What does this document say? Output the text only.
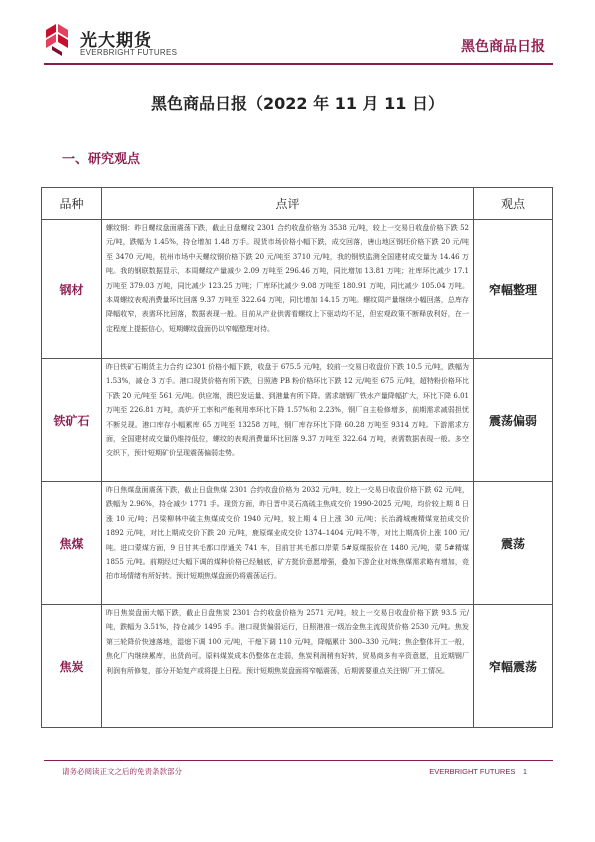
光大期货
EVERBRIGHT FUTURES	黑色商品日报
黑色商品日报（2022 年 11 月 11 日）
一、研究观点
品种	点评	观点
钢材	螺纹钢：昨日螺纹盘面震荡下跌，截止日盘螺纹 2301 合约收盘价格为 3538 元/吨，较上一交易日收盘价格下跌 52 元/吨，跌幅为 1.45%，持仓增加 1.48 万手。现货市场价格小幅下跌，成交回落，唐山地区钢坯价格下跌 20 元/吨至 3470 元/吨，杭州市场中天螺纹钢价格下跌 20 元/吨至 3710 元/吨，我的钢铁监测全国建材成交量为 14.46 万吨。我的钢联数据显示，本周螺纹产量减少 2.09 万吨至 296.46 万吨，同比增加 13.81 万吨；社库环比减少 17.1 万吨至 379.03 万吨，同比减少 123.25 万吨；厂库环比减少 9.08 万吨至 180.91 万吨，同比减少 105.04 万吨。本周螺纹表观消费量环比回落 9.37 万吨至 322.64 万吨，同比增加 14.15 万吨。螺纹周产量继续小幅回落，总库存降幅收窄，表需环比回落，数据表现一般。目前从产业供需看螺纹上下驱动均不足，但宏观政策不断释放利好，在一定程度上提振信心，短期螺纹盘面仍以窄幅整理对待。	窄幅整理
铁矿石	昨日铁矿石期货主力合约 i2301 价格小幅下跌，收盘于 675.5 元/吨，较前一交易日收盘价下跌 10.5 元/吨，跌幅为 1.53%，减仓 3 万手。港口现货价格有所下跌，日照港 PB 粉价格环比下跌 12 元/吨至 675 元/吨，超特粉价格环比下跌 20 元/吨至 561 元/吨。供应端，澳巴发运量、到港量有所下降。需求端钢厂铁水产量降幅扩大，环比下降 6.01 万吨至 226.81 万吨，高炉开工率和产能利用率环比下降 1.57%和 2.23%，钢厂自主检修增多，前期需求减弱担忧不断兑现。港口库存小幅累库 65 万吨至 13258 万吨，钢厂库存环比下降 60.28 万吨至 9314 万吨。下游需求方面，全国建材成交量仍维持低位，螺纹的表观消费量环比回落 9.37 万吨至 322.64 万吨，表需数据表现一般。多空交织下，预计短期矿价呈现震荡偏弱走势。	震荡偏弱
焦煤	昨日焦煤盘面震荡下跌，截止日盘焦煤 2301 合约收盘价格为 2032 元/吨，较上一交易日收盘价格下跌 62 元/吨，跌幅为 2.96%，持仓减少 1771 手。现货方面，昨日晋中灵石高硫主焦成交价 1990-2025 元/吨，均价较上期 8 日涨 10 元/吨；吕梁柳林中硫主焦煤成交价 1940 元/吨，较上期 4 日上涨 30 元/吨；长治潞城瘦精煤竞拍成交价 1892 元/吨，对比上期成交价下跌 20 元/吨，鹿原煤业成交价 1374–1404 元/吨不等，对比上期高价上涨 100 元/吨。进口蒙煤方面，9 日甘其毛都口岸通关 741 车，目前甘其毛都口岸蒙 5#原煤报价在 1480 元/吨，蒙 5#精煤 1855 元/吨。前期经过大幅下调的煤种价格已经触底，矿方挺价意愿增强，叠加下游企业对炼焦煤需求略有增加，竞拍市场情绪有所好转。预计短期焦煤盘面仍将震荡运行。	震荡
焦炭	昨日焦炭盘面大幅下跌，截止日盘焦炭 2301 合约收盘价格为 2571 元/吨，较上一交易日收盘价格下跌 93.5 元/吨，跌幅为 3.51%，持仓减少 1495 手。港口现货偏弱运行，日照港准一级冶金焦主流现货价格 2530 元/吨。焦发第三轮降价快速落地，湿熄下调 100 元/吨，干熄下调 110 元/吨，降幅累计 300–330 元/吨；焦企整体开工一般，焦化厂内继续累库，出货尚可。原料煤炭成本仍整体在走弱，焦炭利润稍有好转，贸易商多有辛资意愿，且近期钢厂利润有所修复，部分开始复产或将提上日程。预计短期焦炭盘面将窄幅震荡，后期需要重点关注钢厂开工情况。	窄幅震荡
请务必阅读正文之后的免责条款部分	EVERBRIGHT FUTURES　1
